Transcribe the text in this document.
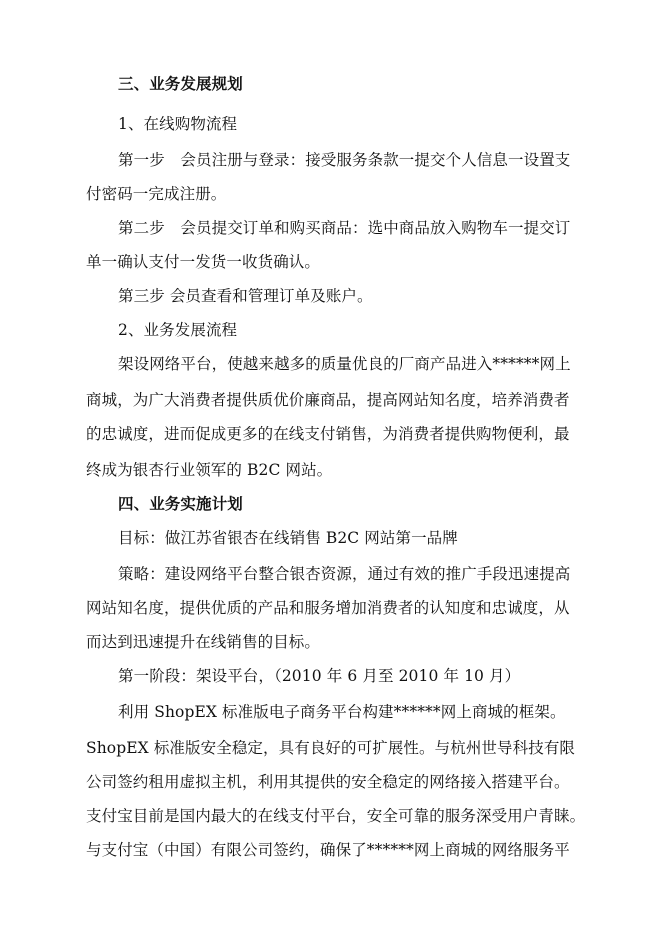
三、业务发展规划
1、在线购物流程
第一步　会员注册与登录：接受服务条款一提交个人信息一设置支
付密码一完成注册。
第二步　会员提交订单和购买商品：选中商品放入购物车一提交订
单一确认支付一发货一收货确认。
第三步 会员查看和管理订单及账户。
2、业务发展流程
架设网络平台，使越来越多的质量优良的厂商产品进入******网上
商城，为广大消费者提供质优价廉商品，提高网站知名度，培养消费者
的忠诚度，进而促成更多的在线支付销售，为消费者提供购物便利，最
终成为银杏行业领军的 B2C 网站。
四、业务实施计划
目标：做江苏省银杏在线销售 B2C 网站第一品牌
策略：建设网络平台整合银杏资源，通过有效的推广手段迅速提高
网站知名度，提供优质的产品和服务增加消费者的认知度和忠诚度，从
而达到迅速提升在线销售的目标。
第一阶段：架设平台，（2010 年 6 月至 2010 年 10 月）
利用 ShopEX 标准版电子商务平台构建******网上商城的框架。
ShopEX 标准版安全稳定，具有良好的可扩展性。与杭州世导科技有限
公司签约租用虚拟主机，利用其提供的安全稳定的网络接入搭建平台。
支付宝目前是国内最大的在线支付平台，安全可靠的服务深受用户青睐。
与支付宝（中国）有限公司签约，确保了******网上商城的网络服务平
